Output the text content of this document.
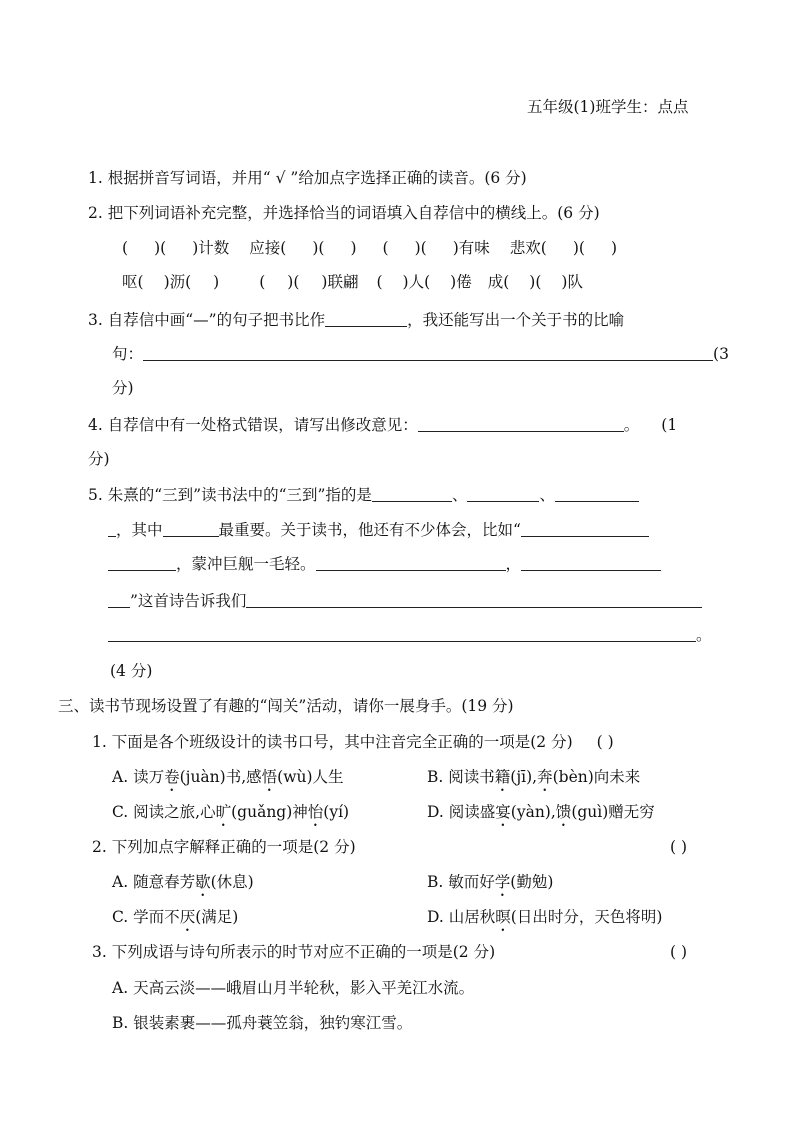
五年级(1)班学生：点点
1. 根据拼音写词语，并用“ √ ”给加点字选择正确的读音。(6 分)
2. 把下列词语补充完整，并选择恰当的词语填入自荐信中的横线上。(6 分)
( )( )计数 应接( )( ) ( )( )有味 悲欢( )( )
呕( )沥( )	( )( )联翩 ( )人( )倦 成( )( )队
3. 自荐信中画“—”的句子把书比作	，我还能写出一个关于书的比喻
句：	(3
分)
4. 自荐信中有一处格式错误，请写出修改意见：	。 (1
分)
5. 朱熹的“三到”读书法中的“三到”指的是	、	、
，其中	最重要。关于读书，他还有不少体会，比如“
，蒙冲巨舰一毛轻。	，
”这首诗告诉我们
。
(4 分)
三、读书节现场设置了有趣的“闯关”活动，请你一展身手。(19 分)
1. 下面是各个班级设计的读书口号，其中注音完全正确的一项是(2 分) ( )
A. 读万卷(juàn)书,感悟(wù)人生	B. 阅读书籍(jī),奔(bèn)向未来
C. 阅读之旅,心旷(guǎng)神怡(yí)	D. 阅读盛宴(yàn),馈(guì)赠无穷
2. 下列加点字解释正确的一项是(2 分)	( )
A. 随意春芳歇(休息)	B. 敏而好学(勤勉)
C. 学而不厌(满足)	D. 山居秋暝(日出时分，天色将明)
3. 下列成语与诗句所表示的时节对应不正确的一项是(2 分)	( )
A. 天高云淡——峨眉山月半轮秋，影入平羌江水流。
B. 银装素裹——孤舟蓑笠翁，独钓寒江雪。
